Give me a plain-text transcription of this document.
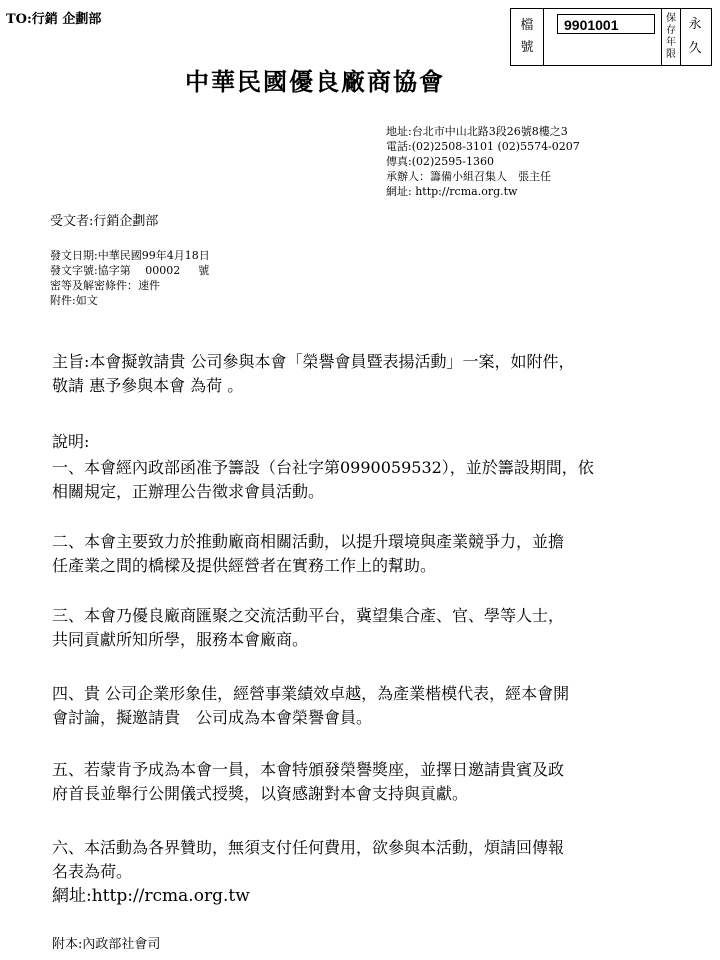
TO:行銷 企劃部	檔
號
9901001	保
存
年
限
永
久
中華民國優良廠商協會
地址:台北市中山北路3段26號8樓之3
電話:(02)2508-3101 (02)5574-0207
傳真:(02)2595-1360
承辦人：籌備小組召集人　張主任
網址: http://rcma.org.tw
受文者:行銷企劃部
發文日期:中華民國99年4月18日
發文字號:協字第　 00002 　 號
密等及解密條件：速件
附件:如文
主旨:本會擬敦請貴 公司參與本會「榮譽會員暨表揚活動」一案，如附件，
敬請 惠予參與本會 為荷 。
說明:
一、本會經內政部函准予籌設（台社字第0990059532），並於籌設期間，依
相關規定，正辦理公告徵求會員活動。
二、本會主要致力於推動廠商相關活動，以提升環境與產業競爭力，並擔
任產業之間的橋樑及提供經營者在實務工作上的幫助。
三、本會乃優良廠商匯聚之交流活動平台，冀望集合產、官、學等人士，
共同貢獻所知所學，服務本會廠商。
四、貴 公司企業形象佳，經營事業績效卓越，為產業楷模代表，經本會開
會討論，擬邀請貴　公司成為本會榮譽會員。
五、若蒙肯予成為本會一員，本會特頒發榮譽獎座，並擇日邀請貴賓及政
府首長並舉行公開儀式授獎，以資感謝對本會支持與貢獻。
六、本活動為各界贊助，無須支付任何費用，欲參與本活動，煩請回傳報
名表為荷。
網址:http://rcma.org.tw
附本:內政部社會司
